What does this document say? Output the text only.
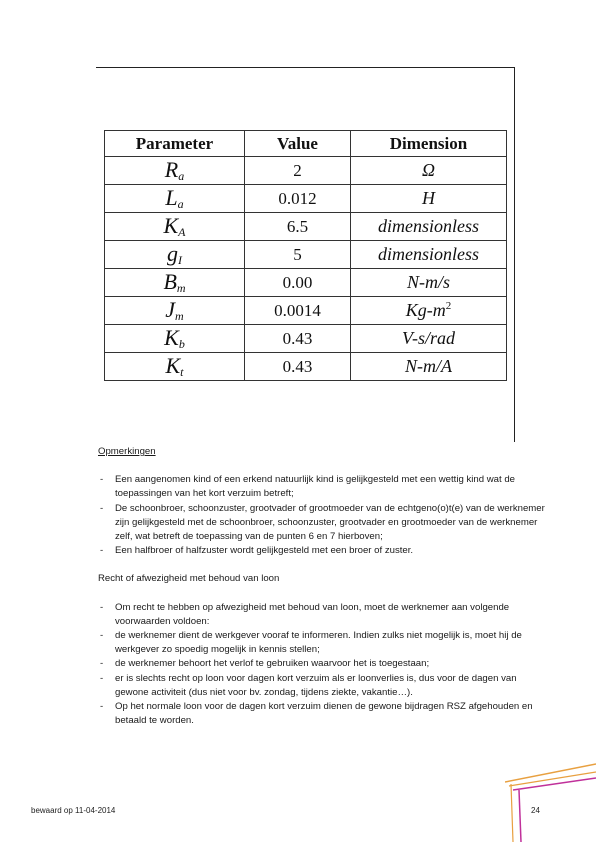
Parameter	Value	Dimension
$R_a$	2	Ω
$L_a$	0.012	H
$K_A$	6.5	dimensionless
$g_I$	5	dimensionless
$B_m$	0.00	N-m/s
$J_m$	0.0014	$Kg-m^2$
$K_b$	0.43	V-s/rad
$K_t$	0.43	N-m/A

Opmerkingen

- Een aangenomen kind of een erkend natuurlijk kind is gelijkgesteld met een wettig kind wat de toepassingen van het kort verzuim betreft;
- De schoonbroer, schoonzuster, grootvader of grootmoeder van de echtgeno(o)t(e) van de werknemer zijn gelijkgesteld met de schoonbroer, schoonzuster, grootvader en grootmoeder van de werknemer zelf, wat betreft de toepassing van de punten 6 en 7 hierboven;
- Een halfbroer of halfzuster wordt gelijkgesteld met een broer of zuster.

Recht of afwezigheid met behoud van loon

- Om recht te hebben op afwezigheid met behoud van loon, moet de werknemer aan volgende voorwaarden voldoen:
- de werknemer dient de werkgever vooraf te informeren. Indien zulks niet mogelijk is, moet hij de werkgever zo spoedig mogelijk in kennis stellen;
- de werknemer behoort het verlof te gebruiken waarvoor het is toegestaan;
- er is slechts recht op loon voor dagen kort verzuim als er loonverlies is, dus voor de dagen van gewone activiteit (dus niet voor bv. zondag, tijdens ziekte, vakantie…).
- Op het normale loon voor de dagen kort verzuim dienen de gewone bijdragen RSZ afgehouden en betaald te worden.
bewaard op 11-04-2014	24
